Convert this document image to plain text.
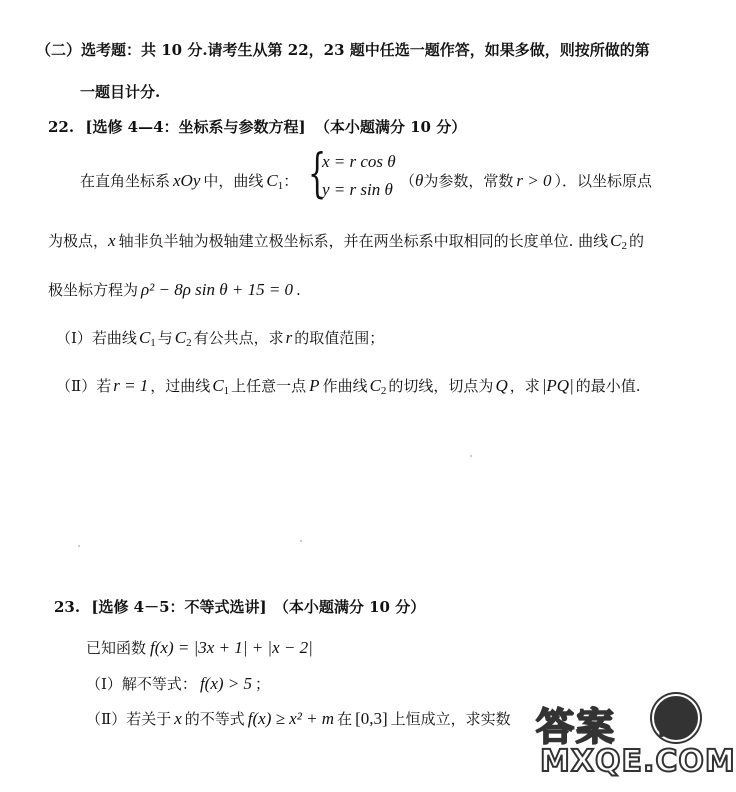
（二）选考题：共 10 分.请考生从第 22，23 题中任选一题作答，如果多做，则按所做的第
一题目计分.
22. [选修 4—4：坐标系与参数方程] （本小题满分 10 分）
在直角坐标系 xOy 中，曲线 $C_1$： {
x = r cos θ
y = r sin θ （θ为参数，常数 r > 0 ）．以坐标原点
为极点，x 轴非负半轴为极轴建立极坐标系，并在两坐标系中取相同的长度单位. 曲线 $C_2$ 的
极坐标方程为 ρ² − 8ρ sin θ + 15 = 0 .
（Ⅰ）若曲线 $C_1$ 与 $C_2$ 有公共点，求 r 的取值范围；
（Ⅱ）若 r = 1 ，过曲线 $C_1$ 上任意一点 P 作曲线 $C_2$ 的切线，切点为 Q ，求 |PQ| 的最小值.
23. [选修 4－5：不等式选讲] （本小题满分 10 分）
已知函数 f(x) = |3x + 1| + |x − 2|
（Ⅰ）解不等式： f(x) > 5 ；
（Ⅱ）若关于 x 的不等式 f(x) ≥ x² + m 在 [0,3] 上恒成立，求实数 答案 圈
MXQE.COM
